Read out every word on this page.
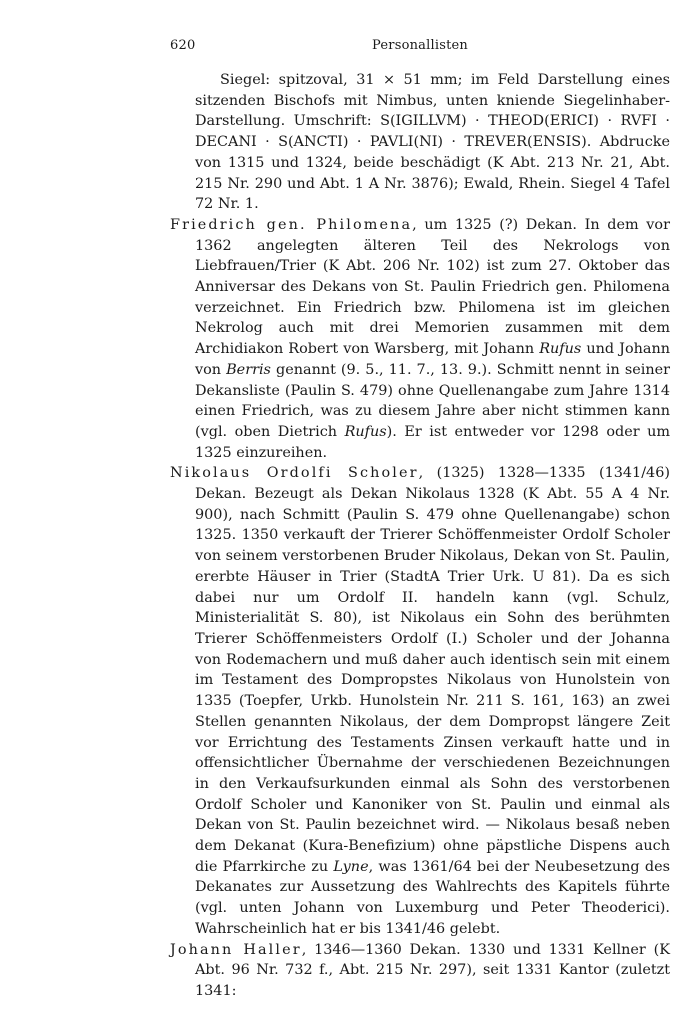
620	Personallisten

Siegel: spitzoval, 31 × 51 mm; im Feld Darstellung eines sitzenden Bischofs mit Nimbus, unten kniende Siegelinhaber-Darstellung. Umschrift: S(IGILLVM) · THEOD(ERICI) · RVFI · DECANI · S(ANCTI) · PAVLI(NI) · TREVER(ENSIS). Abdrucke von 1315 und 1324, beide beschädigt (K Abt. 213 Nr. 21, Abt. 215 Nr. 290 und Abt. 1 A Nr. 3876); Ewald, Rhein. Siegel 4 Tafel 72 Nr. 1.

Friedrich gen. Philomena, um 1325 (?) Dekan. In dem vor 1362 angelegten älteren Teil des Nekrologs von Liebfrauen/Trier (K Abt. 206 Nr. 102) ist zum 27. Oktober das Anniversar des Dekans von St. Paulin Friedrich gen. Philomena verzeichnet. Ein Friedrich bzw. Philomena ist im gleichen Nekrolog auch mit drei Memorien zusammen mit dem Archidiakon Robert von Warsberg, mit Johann Rufus und Johann von Berris genannt (9. 5., 11. 7., 13. 9.). Schmitt nennt in seiner Dekansliste (Paulin S. 479) ohne Quellenangabe zum Jahre 1314 einen Friedrich, was zu diesem Jahre aber nicht stimmen kann (vgl. oben Dietrich Rufus). Er ist entweder vor 1298 oder um 1325 einzureihen.

Nikolaus Ordolfi Scholer, (1325) 1328—1335 (1341/46) Dekan. Bezeugt als Dekan Nikolaus 1328 (K Abt. 55 A 4 Nr. 900), nach Schmitt (Paulin S. 479 ohne Quellenangabe) schon 1325. 1350 verkauft der Trierer Schöffenmeister Ordolf Scholer von seinem verstorbenen Bruder Nikolaus, Dekan von St. Paulin, ererbte Häuser in Trier (StadtA Trier Urk. U 81). Da es sich dabei nur um Ordolf II. handeln kann (vgl. Schulz, Ministerialität S. 80), ist Nikolaus ein Sohn des berühmten Trierer Schöffenmeisters Ordolf (I.) Scholer und der Johanna von Rodemachern und muß daher auch identisch sein mit einem im Testament des Dompropstes Nikolaus von Hunolstein von 1335 (Toepfer, Urkb. Hunolstein Nr. 211 S. 161, 163) an zwei Stellen genannten Nikolaus, der dem Dompropst längere Zeit vor Errichtung des Testaments Zinsen verkauft hatte und in offensichtlicher Übernahme der verschiedenen Bezeichnungen in den Verkaufsurkunden einmal als Sohn des verstorbenen Ordolf Scholer und Kanoniker von St. Paulin und einmal als Dekan von St. Paulin bezeichnet wird. — Nikolaus besaß neben dem Dekanat (Kura-Benefizium) ohne päpstliche Dispens auch die Pfarrkirche zu Lyne, was 1361/64 bei der Neubesetzung des Dekanates zur Aussetzung des Wahlrechts des Kapitels führte (vgl. unten Johann von Luxemburg und Peter Theoderici). Wahrscheinlich hat er bis 1341/46 gelebt.

Johann Haller, 1346—1360 Dekan. 1330 und 1331 Kellner (K Abt. 96 Nr. 732 f., Abt. 215 Nr. 297), seit 1331 Kantor (zuletzt 1341:
